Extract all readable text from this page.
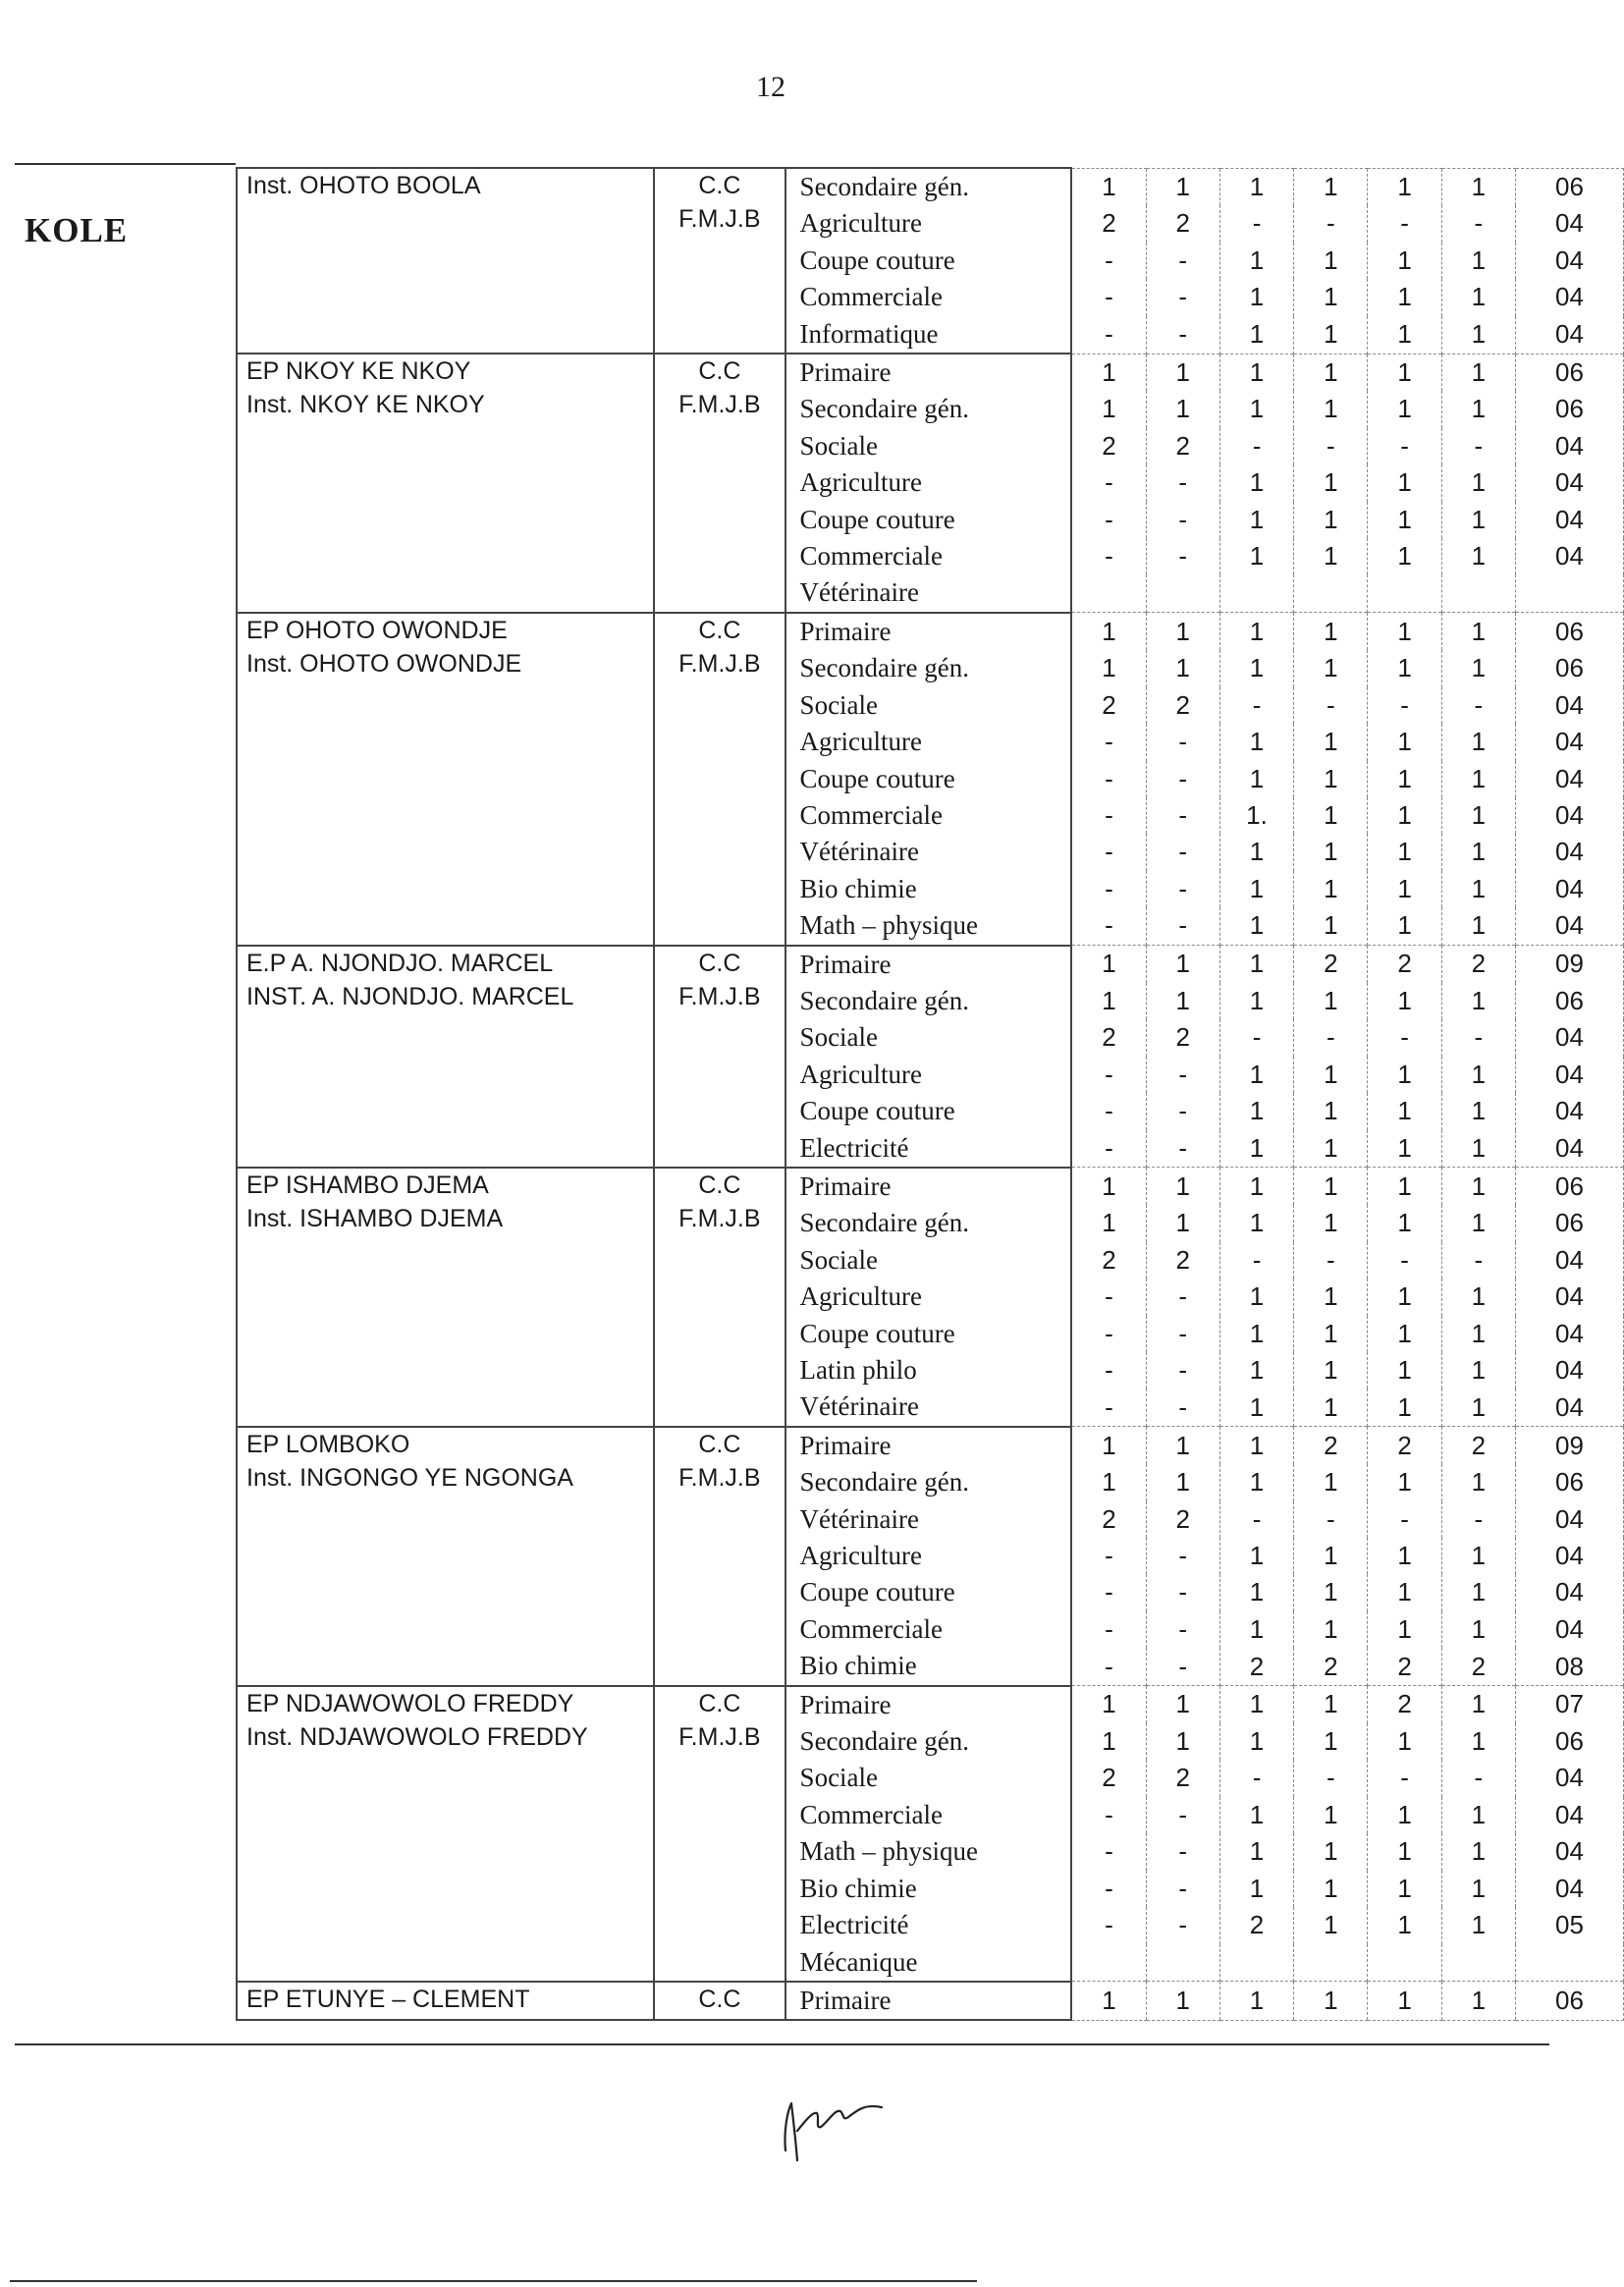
12
KOLE
Inst. OHOTO BOOLA	C.C
F.M.J.B	Secondaire gén.	1	1	1	1	1	1	06
		Agriculture	2	2	-	-	-	-	04
		Coupe couture	-	-	1	1	1	1	04
		Commerciale	-	-	1	1	1	1	04
		Informatique	-	-	1	1	1	1	04

EP NKOY KE NKOY
Inst. NKOY KE NKOY	C.C
F.M.J.B	Primaire	1	1	1	1	1	1	06
		Secondaire gén.	1	1	1	1	1	1	06
		Sociale	2	2	-	-	-	-	04
		Agriculture	-	-	1	1	1	1	04
		Coupe couture	-	-	1	1	1	1	04
		Commerciale	-	-	1	1	1	1	04
		Vétérinaire							

EP OHOTO OWONDJE
Inst. OHOTO OWONDJE	C.C
F.M.J.B	Primaire	1	1	1	1	1	1	06
		Secondaire gén.	1	1	1	1	1	1	06
		Sociale	2	2	-	-	-	-	04
		Agriculture	-	-	1	1	1	1	04
		Coupe couture	-	-	1	1	1	1	04
		Commerciale	-	-	1.	1	1	1	04
		Vétérinaire	-	-	1	1	1	1	04
		Bio chimie	-	-	1	1	1	1	04
		Math – physique	-	-	1	1	1	1	04

E.P A. NJONDJO. MARCEL
INST. A. NJONDJO. MARCEL	C.C
F.M.J.B	Primaire	1	1	1	2	2	2	09
		Secondaire gén.	1	1	1	1	1	1	06
		Sociale	2	2	-	-	-	-	04
		Agriculture	-	-	1	1	1	1	04
		Coupe couture	-	-	1	1	1	1	04
		Electricité	-	-	1	1	1	1	04

EP ISHAMBO DJEMA
Inst. ISHAMBO DJEMA	C.C
F.M.J.B	Primaire	1	1	1	1	1	1	06
		Secondaire gén.	1	1	1	1	1	1	06
		Sociale	2	2	-	-	-	-	04
		Agriculture	-	-	1	1	1	1	04
		Coupe couture	-	-	1	1	1	1	04
		Latin philo	-	-	1	1	1	1	04
		Vétérinaire	-	-	1	1	1	1	04

EP LOMBOKO
Inst. INGONGO YE NGONGA	C.C
F.M.J.B	Primaire	1	1	1	2	2	2	09
		Secondaire gén.	1	1	1	1	1	1	06
		Vétérinaire	2	2	-	-	-	-	04
		Agriculture	-	-	1	1	1	1	04
		Coupe couture	-	-	1	1	1	1	04
		Commerciale	-	-	1	1	1	1	04
		Bio chimie	-	-	2	2	2	2	08

EP NDJAWOWOLO FREDDY
Inst. NDJAWOWOLO FREDDY	C.C
F.M.J.B	Primaire	1	1	1	1	2	1	07
		Secondaire gén.	1	1	1	1	1	1	06
		Sociale	2	2	-	-	-	-	04
		Commerciale	-	-	1	1	1	1	04
		Math – physique	-	-	1	1	1	1	04
		Bio chimie	-	-	1	1	1	1	04
		Electricité	-	-	2	1	1	1	05
		Mécanique							

EP ETUNYE – CLEMENT	C.C	Primaire	1	1	1	1	1	1	06
